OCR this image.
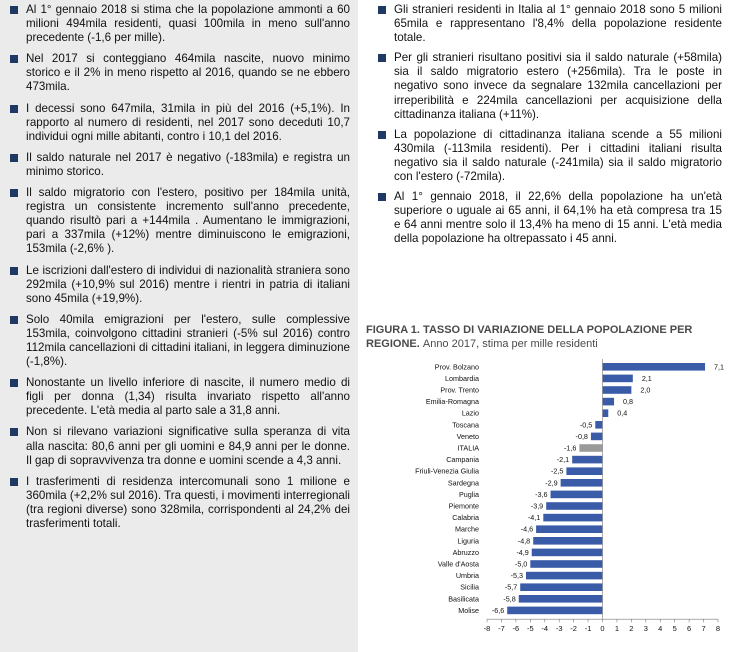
Al 1° gennaio 2018 si stima che la popolazione ammonti a 60 milioni 494mila residenti, quasi 100mila in meno sull'anno precedente (-1,6 per mille).
Nel 2017 si conteggiano 464mila nascite, nuovo minimo storico e il 2% in meno rispetto al 2016, quando se ne ebbero 473mila.
I decessi sono 647mila, 31mila in più del 2016 (+5,1%). In rapporto al numero di residenti, nel 2017 sono deceduti 10,7 individui ogni mille abitanti, contro i 10,1 del 2016.
Il saldo naturale nel 2017 è negativo (-183mila) e registra un minimo storico.
Il saldo migratorio con l'estero, positivo per 184mila unità, registra un consistente incremento sull'anno precedente, quando risultò pari a +144mila . Aumentano le immigrazioni, pari a 337mila (+12%) mentre diminuiscono le emigrazioni, 153mila (-2,6% ).
Le iscrizioni dall'estero di individui di nazionalità straniera sono 292mila (+10,9% sul 2016) mentre i rientri in patria di italiani sono 45mila (+19,9%).
Solo 40mila emigrazioni per l'estero, sulle complessive 153mila, coinvolgono cittadini stranieri (-5% sul 2016) contro 112mila cancellazioni di cittadini italiani, in leggera diminuzione (-1,8%).
Nonostante un livello inferiore di nascite, il numero medio di figli per donna (1,34) risulta invariato rispetto all'anno precedente. L'età media al parto sale a 31,8 anni.
Non si rilevano variazioni significative sulla speranza di vita alla nascita: 80,6 anni per gli uomini e 84,9 anni per le donne. Il gap di sopravvivenza tra donne e uomini scende a 4,3 anni.
I trasferimenti di residenza intercomunali sono 1 milione e 360mila (+2,2% sul 2016). Tra questi, i movimenti interregionali (tra regioni diverse) sono 328mila, corrispondenti al 24,2% dei trasferimenti totali.
Gli stranieri residenti in Italia al 1° gennaio 2018 sono 5 milioni 65mila e rappresentano l'8,4% della popolazione residente totale.
Per gli stranieri risultano positivi sia il saldo naturale (+58mila) sia il saldo migratorio estero (+256mila). Tra le poste in negativo sono invece da segnalare 132mila cancellazioni per irreperibilità e 224mila cancellazioni per acquisizione della cittadinanza italiana (+11%).
La popolazione di cittadinanza italiana scende a 55 milioni 430mila (-113mila residenti). Per i cittadini italiani risulta negativo sia il saldo naturale (-241mila) sia il saldo migratorio con l'estero (-72mila).
Al 1° gennaio 2018, il 22,6% della popolazione ha un'età superiore o uguale ai 65 anni, il 64,1% ha età compresa tra 15 e 64 anni mentre solo il 13,4% ha meno di 15 anni. L'età media della popolazione ha oltrepassato i 45 anni.
FIGURA 1. TASSO DI VARIAZIONE DELLA POPOLAZIONE PER REGIONE. Anno 2017, stima per mille residenti
Prov. Bolzano	7,1
Lombardia	2,1
Prov. Trento	2,0
Emilia-Romagna	0,8
Lazio	0,4
Toscana	-0,5
Veneto	-0,8
ITALIA	-1,6
Campania	-2,1
Friuli-Venezia Giulia	-2,5
Sardegna	-2,9
Puglia	-3,6
Piemonte	-3,9
Calabria	-4,1
Marche	-4,6
Liguria	-4,8
Abruzzo	-4,9
Valle d'Aosta	-5,0
Umbria	-5,3
Sicilia	-5,7
Basilicata	-5,8
Molise -6,6
-8 -7 -6 -5 -4 -3 -2 -1 0 1 2 3 4 5 6 7 8
